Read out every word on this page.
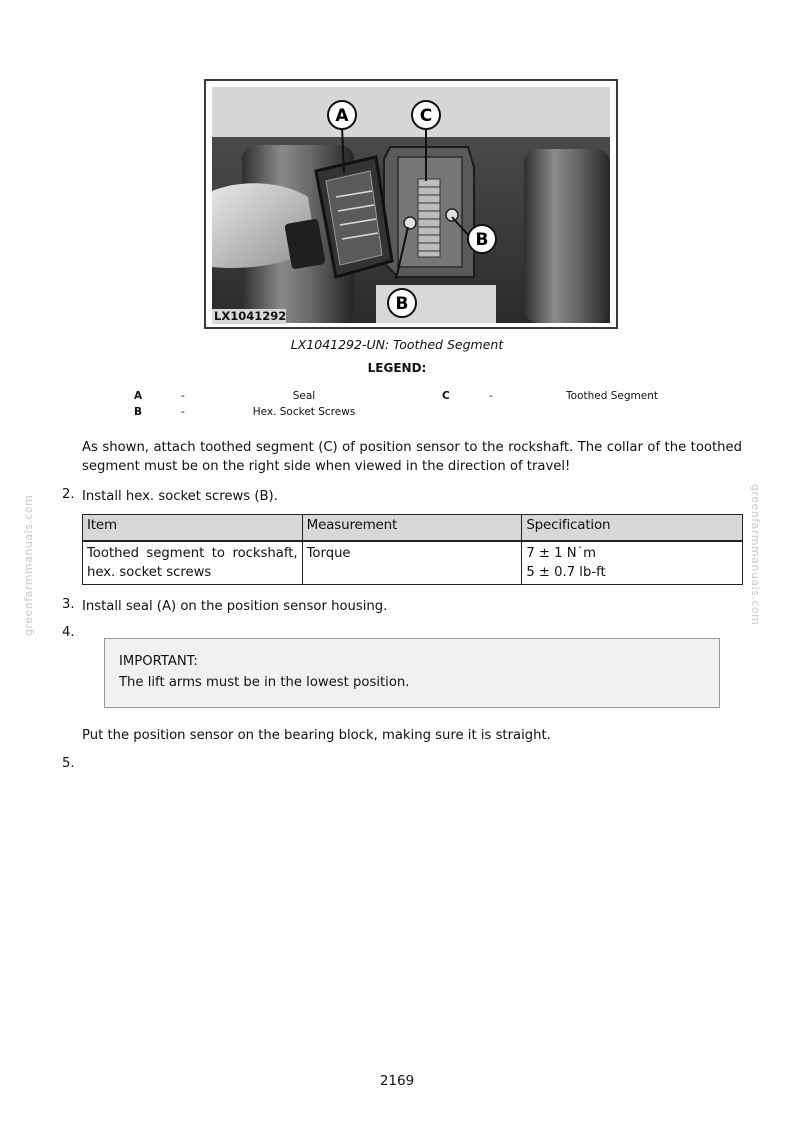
greenfarmmanuals.com	greenfarmmanuals.com
A	C
B
B
LX1041292
LX1041292-UN: Toothed Segment
LEGEND:
A	-	Seal
B	-	Hex. Socket Screws
C	-	Toothed Segment
As shown, attach toothed segment (C) of position sensor to the rockshaft. The collar of the toothed segment must be on the right side when viewed in the direction of travel!
2. Install hex. socket screws (B).
Item	Measurement	Specification
Toothed segment to rockshaft, hex. socket screws	Torque	7 ± 1 N˙m
5 ± 0.7 lb-ft
3. Install seal (A) on the position sensor housing.
4.
IMPORTANT:
The lift arms must be in the lowest position.
Put the position sensor on the bearing block, making sure it is straight.
5.
2169
